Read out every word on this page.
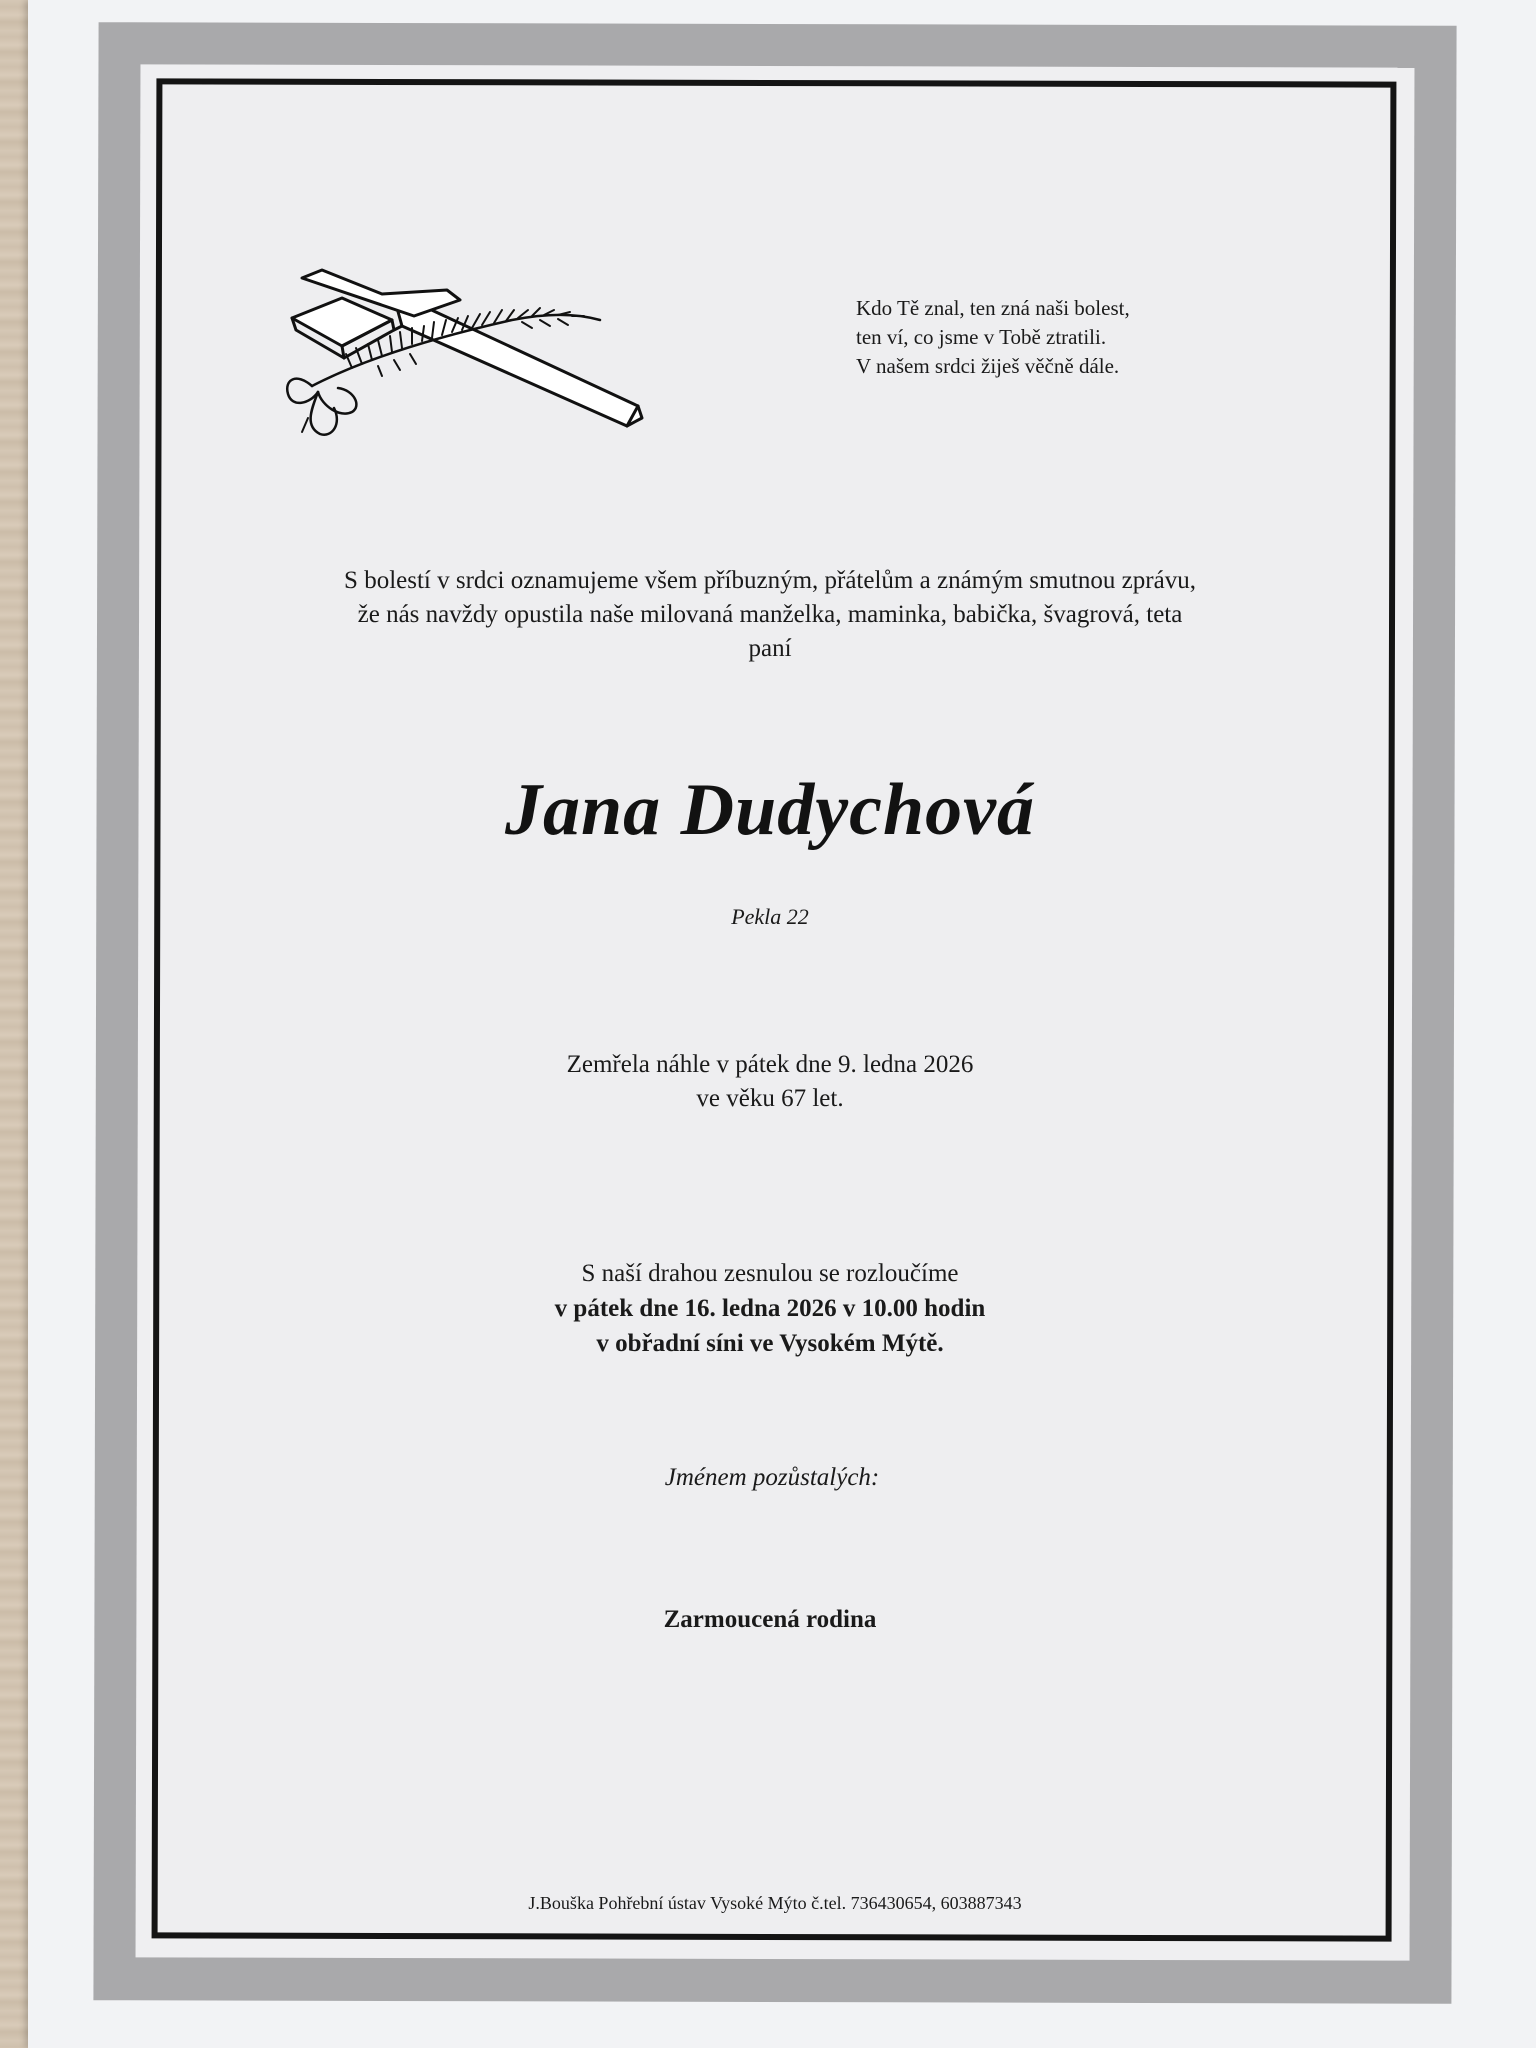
Kdo Tě znal, ten zná naši bolest,
ten ví, co jsme v Tobě ztratili.
V našem srdci žiješ věčně dále.
S bolestí v srdci oznamujeme všem příbuzným, přátelům a známým smutnou zprávu,
že nás navždy opustila naše milovaná manželka, maminka, babička, švagrová, teta
paní
Jana Dudychová
Pekla 22
Zemřela náhle v pátek dne 9. ledna 2026
ve věku 67 let.
S naší drahou zesnulou se rozloučíme
v pátek dne 16. ledna 2026 v 10.00 hodin
v obřadní síni ve Vysokém Mýtě.
Jménem pozůstalých:
Zarmoucená rodina
J.Bouška Pohřební ústav Vysoké Mýto č.tel. 736430654, 603887343
